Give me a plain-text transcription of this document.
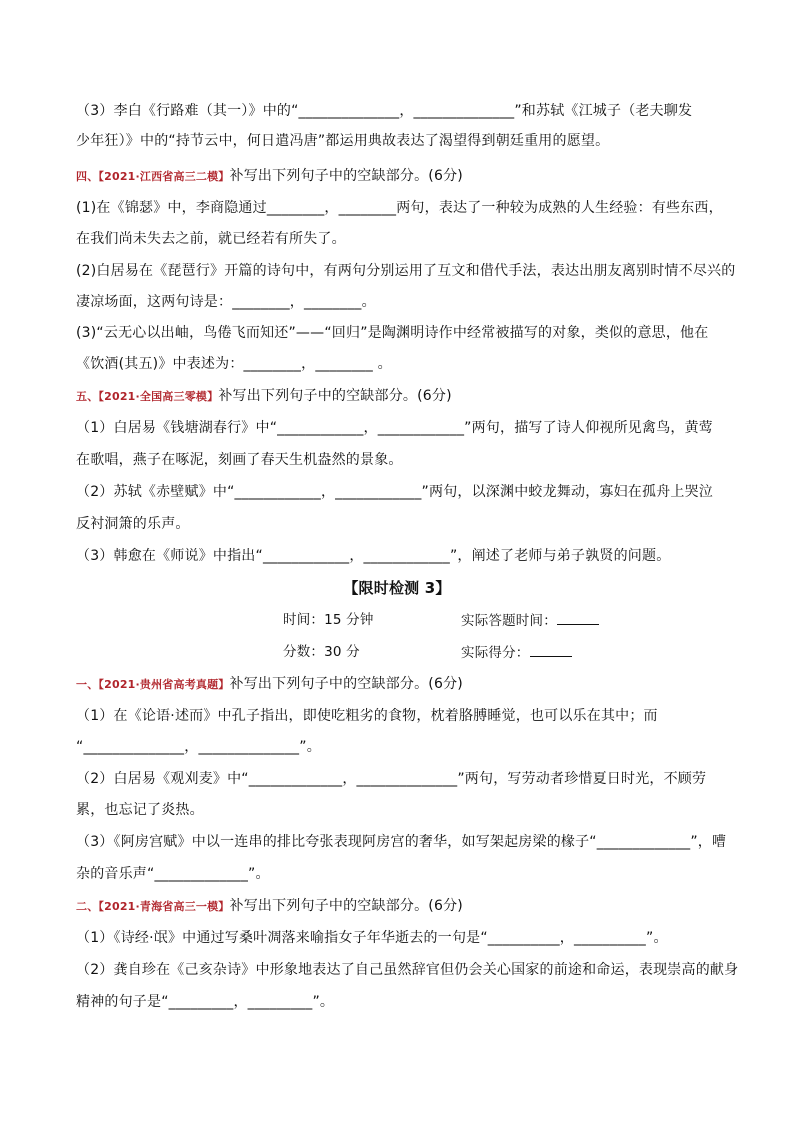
（3）李白《行路难（其一）》中的“______________，______________”和苏轼《江城子（老夫聊发
少年狂）》中的“持节云中，何日遣冯唐”都运用典故表达了渴望得到朝廷重用的愿望。
四、【2021·江西省高三二模】补写出下列句子中的空缺部分。(6分)
(1)在《锦瑟》中，李商隐通过________，________两句，表达了一种较为成熟的人生经验：有些东西，
在我们尚未失去之前，就已经若有所失了。
(2)白居易在《琵琶行》开篇的诗句中，有两句分别运用了互文和借代手法，表达出朋友离别时情不尽兴的
凄凉场面，这两句诗是：________，________。
(3)“云无心以出岫，鸟倦飞而知还”——“回归”是陶渊明诗作中经常被描写的对象，类似的意思，他在
《饮酒(其五)》中表述为：________，________ 。
五、【2021·全国高三零模】补写出下列句子中的空缺部分。(6分)
（1）白居易《钱塘湖春行》中“____________，____________”两句，描写了诗人仰视所见禽鸟，黄莺
在歌唱，燕子在啄泥，刻画了春天生机盎然的景象。
（2）苏轼《赤壁赋》中“____________，____________”两句，以深渊中蛟龙舞动，寡妇在孤舟上哭泣
反衬洞箫的乐声。
（3）韩愈在《师说》中指出“____________，____________”，阐述了老师与弟子孰贤的问题。
【限时检测 3】
时间：15 分钟	实际答题时间：
分数：30 分	实际得分：
一、【2021·贵州省高考真题】补写出下列句子中的空缺部分。(6分)
（1）在《论语·述而》中孔子指出，即使吃粗劣的食物，枕着胳膊睡觉，也可以乐在其中；而
“______________，______________”。
（2）白居易《观刈麦》中“_____________，______________”两句，写劳动者珍惜夏日时光，不顾劳
累，也忘记了炎热。
（3）《阿房宫赋》中以一连串的排比夸张表现阿房宫的奢华，如写架起房梁的椽子“_____________”，嘈
杂的音乐声“_____________”。
二、【2021·青海省高三一模】补写出下列句子中的空缺部分。(6分)
（1）《诗经·氓》中通过写桑叶凋落来喻指女子年华逝去的一句是“__________，__________”。
（2）龚自珍在《己亥杂诗》中形象地表达了自己虽然辞官但仍会关心国家的前途和命运，表现崇高的献身
精神的句子是“_________，_________”。
